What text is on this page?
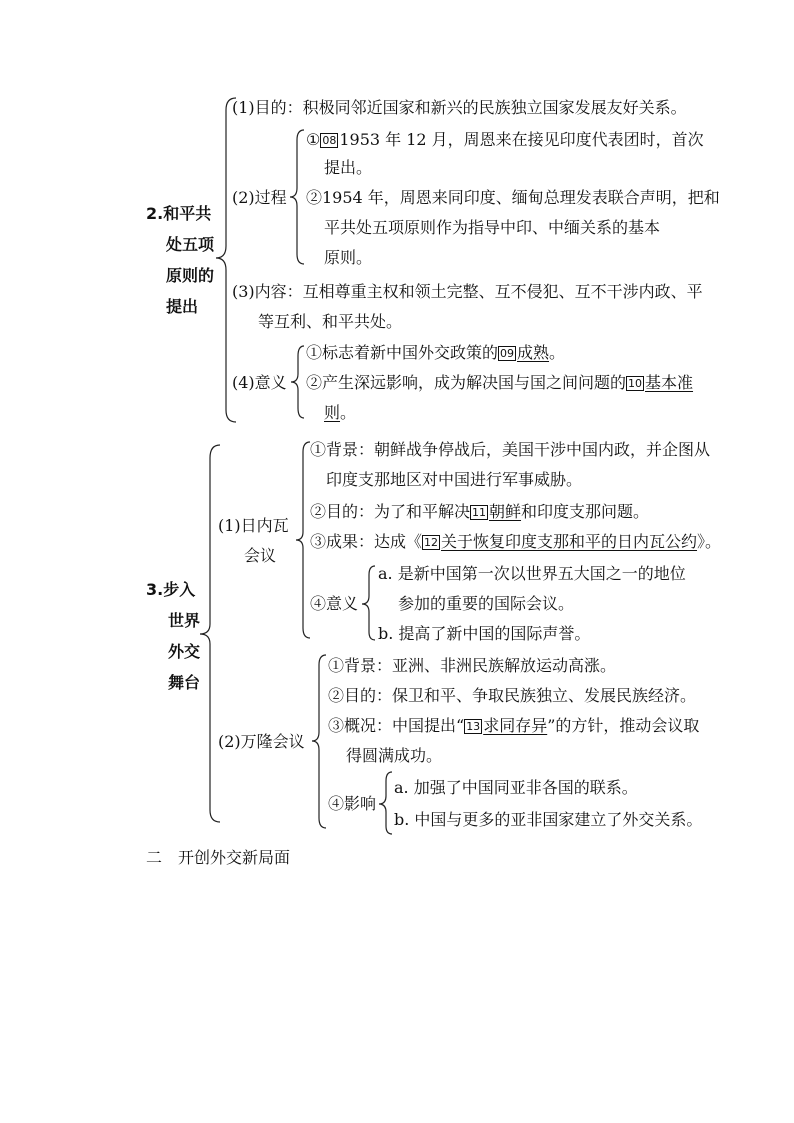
2.和平共
处五项
原则的
提出
(1)目的：积极同邻近国家和新兴的民族独立国家发展友好关系。
(2)过程
① 08 1953 年 12 月，周恩来在接见印度代表团时，首次
提出。
②1954 年，周恩来同印度、缅甸总理发表联合声明，把和
平共处五项原则作为指导中印、中缅关系的基本
原则。
(3)内容：互相尊重主权和领土完整、互不侵犯、互不干涉内政、平
等互利、和平共处。
(4)意义
①标志着新中国外交政策的 09 成熟。
②产生深远影响，成为解决国与国之间问题的 10 基本准
则。
3.步入
世界
外交
舞台
(1)日内瓦
会议
①背景：朝鲜战争停战后，美国干涉中国内政，并企图从
印度支那地区对中国进行军事威胁。
②目的：为了和平解决 11 朝鲜和印度支那问题。
③成果：达成《 12 关于恢复印度支那和平的日内瓦公约》。
④意义
a. 是新中国第一次以世界五大国之一的地位
参加的重要的国际会议。
b. 提高了新中国的国际声誉。
(2)万隆会议
①背景：亚洲、非洲民族解放运动高涨。
②目的：保卫和平、争取民族独立、发展民族经济。
③概况：中国提出“ 13 求同存异”的方针，推动会议取
得圆满成功。
④影响
a. 加强了中国同亚非各国的联系。
b. 中国与更多的亚非国家建立了外交关系。
二　开创外交新局面
